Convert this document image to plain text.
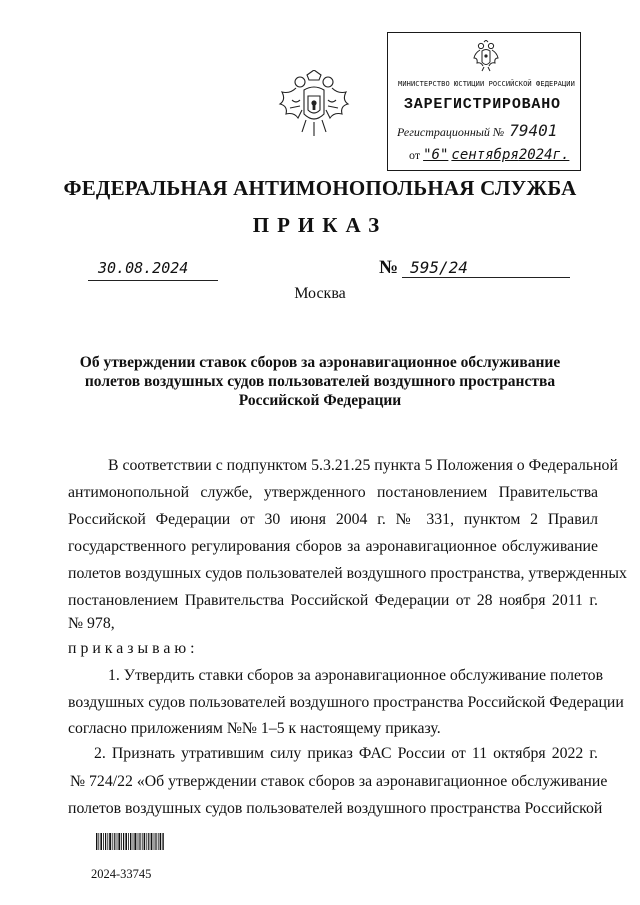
МИНИСТЕРСТВО ЮСТИЦИИ РОССИЙСКОЙ ФЕДЕРАЦИИ
ЗАРЕГИСТРИРОВАНО
Регистрационный № 79401
от "6" сентября2024г.
ФЕДЕРАЛЬНАЯ АНТИМОНОПОЛЬНАЯ СЛУЖБА
ПРИКАЗ
30.08.2024	№ 595/24
Москва
Об утверждении ставок сборов за аэронавигационное обслуживание полетов воздушных судов пользователей воздушного пространства Российской Федерации
В соответствии с подпунктом 5.3.21.25 пункта 5 Положения о Федеральной
антимонопольной службе, утвержденного постановлением Правительства
Российской Федерации от 30 июня 2004 г. № 331, пунктом 2 Правил
государственного регулирования сборов за аэронавигационное обслуживание
полетов воздушных судов пользователей воздушного пространства, утвержденных
постановлением Правительства Российской Федерации от 28 ноября 2011 г.
№ 978,
приказываю:
1. Утвердить ставки сборов за аэронавигационное обслуживание полетов
воздушных судов пользователей воздушного пространства Российской Федерации
согласно приложениям №№ 1–5 к настоящему приказу.
2. Признать утратившим силу приказ ФАС России от 11 октября 2022 г.
№ 724/22 «Об утверждении ставок сборов за аэронавигационное обслуживание
полетов воздушных судов пользователей воздушного пространства Российской
2024-33745
